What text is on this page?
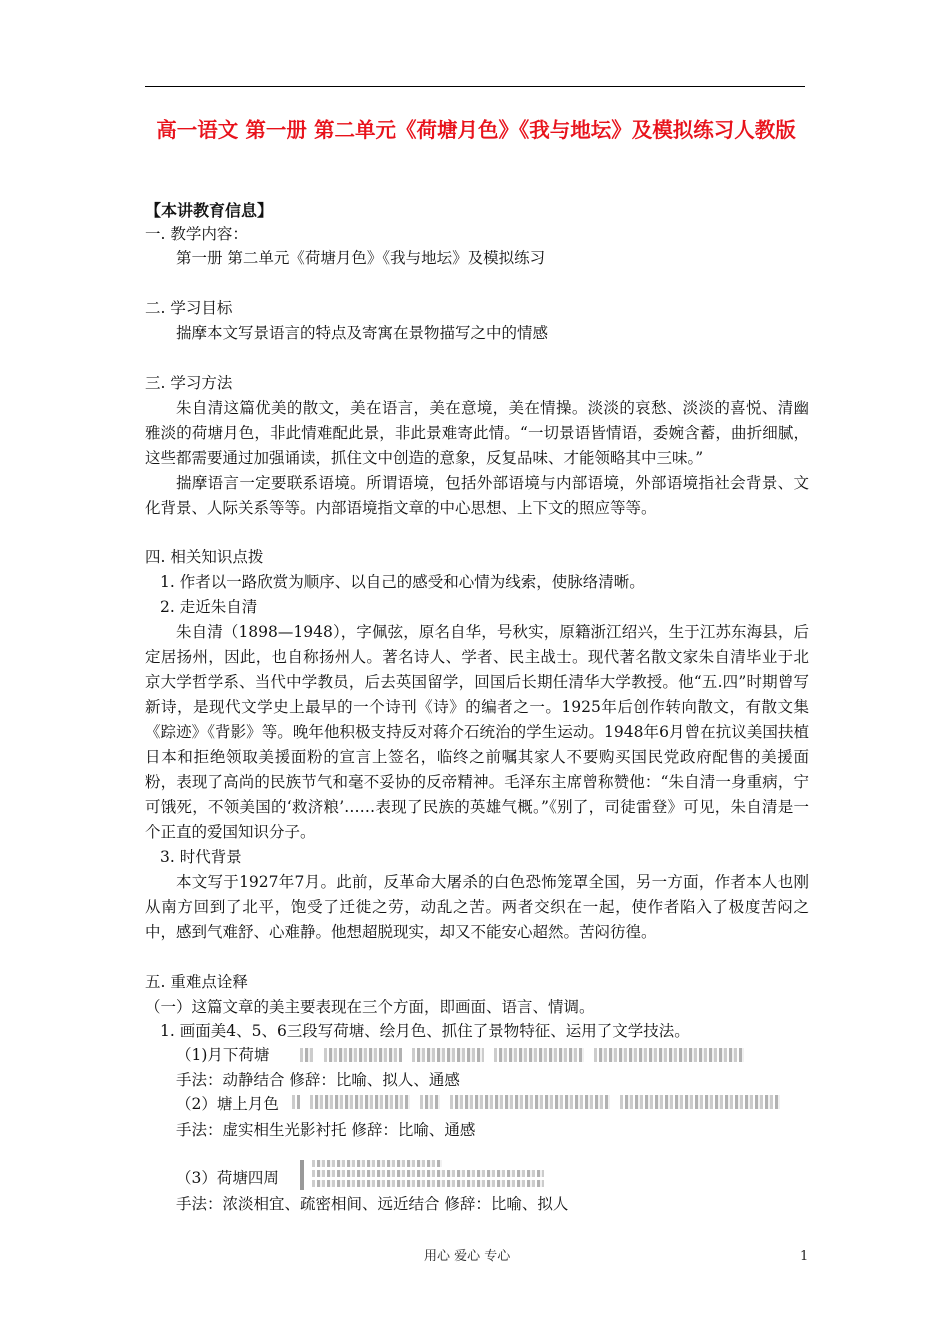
高一语文 第一册 第二单元《荷塘月色》《我与地坛》及模拟练习人教版
【本讲教育信息】
一. 教学内容：
第一册 第二单元《荷塘月色》《我与地坛》及模拟练习
二. 学习目标
揣摩本文写景语言的特点及寄寓在景物描写之中的情感
三. 学习方法
朱自清这篇优美的散文，美在语言，美在意境，美在情操。淡淡的哀愁、淡淡的喜悦、清幽雅淡的荷塘月色，非此情难配此景，非此景难寄此情。“一切景语皆情语，委婉含蓄，曲折细腻，这些都需要通过加强诵读，抓住文中创造的意象，反复品味、才能领略其中三味。”
揣摩语言一定要联系语境。所谓语境，包括外部语境与内部语境，外部语境指社会背景、文化背景、人际关系等等。内部语境指文章的中心思想、上下文的照应等等。
四. 相关知识点拨
1. 作者以一路欣赏为顺序、以自己的感受和心情为线索，使脉络清晰。
2. 走近朱自清
朱自清（1898—1948），字佩弦，原名自华，号秋实，原籍浙江绍兴，生于江苏东海县，后定居扬州，因此，也自称扬州人。著名诗人、学者、民主战士。现代著名散文家朱自清毕业于北京大学哲学系、当代中学教员，后去英国留学，回国后长期任清华大学教授。他“五.四”时期曾写新诗，是现代文学史上最早的一个诗刊《诗》的编者之一。1925年后创作转向散文，有散文集《踪迹》《背影》等。晚年他积极支持反对蒋介石统治的学生运动。1948年6月曾在抗议美国扶植日本和拒绝领取美援面粉的宣言上签名，临终之前嘱其家人不要购买国民党政府配售的美援面粉，表现了高尚的民族节气和毫不妥协的反帝精神。毛泽东主席曾称赞他：“朱自清一身重病，宁可饿死，不领美国的‘救济粮’……表现了民族的英雄气概。”《别了，司徒雷登》可见，朱自清是一个正直的爱国知识分子。
3. 时代背景
本文写于1927年7月。此前，反革命大屠杀的白色恐怖笼罩全国，另一方面，作者本人也刚从南方回到了北平，饱受了迁徙之劳，动乱之苦。两者交织在一起，使作者陷入了极度苦闷之中，感到气难舒、心难静。他想超脱现实，却又不能安心超然。苦闷彷徨。
五. 重难点诠释
（一）这篇文章的美主要表现在三个方面，即画面、语言、情调。
1. 画面美4、5、6三段写荷塘、绘月色、抓住了景物特征、运用了文学技法。
（1)月下荷塘
手法：动静结合 修辞：比喻、拟人、通感
（2）塘上月色
手法：虚实相生光影衬托 修辞：比喻、通感
（3）荷塘四周
手法：浓淡相宜、疏密相间、远近结合 修辞：比喻、拟人
用心 爱心 专心	1
